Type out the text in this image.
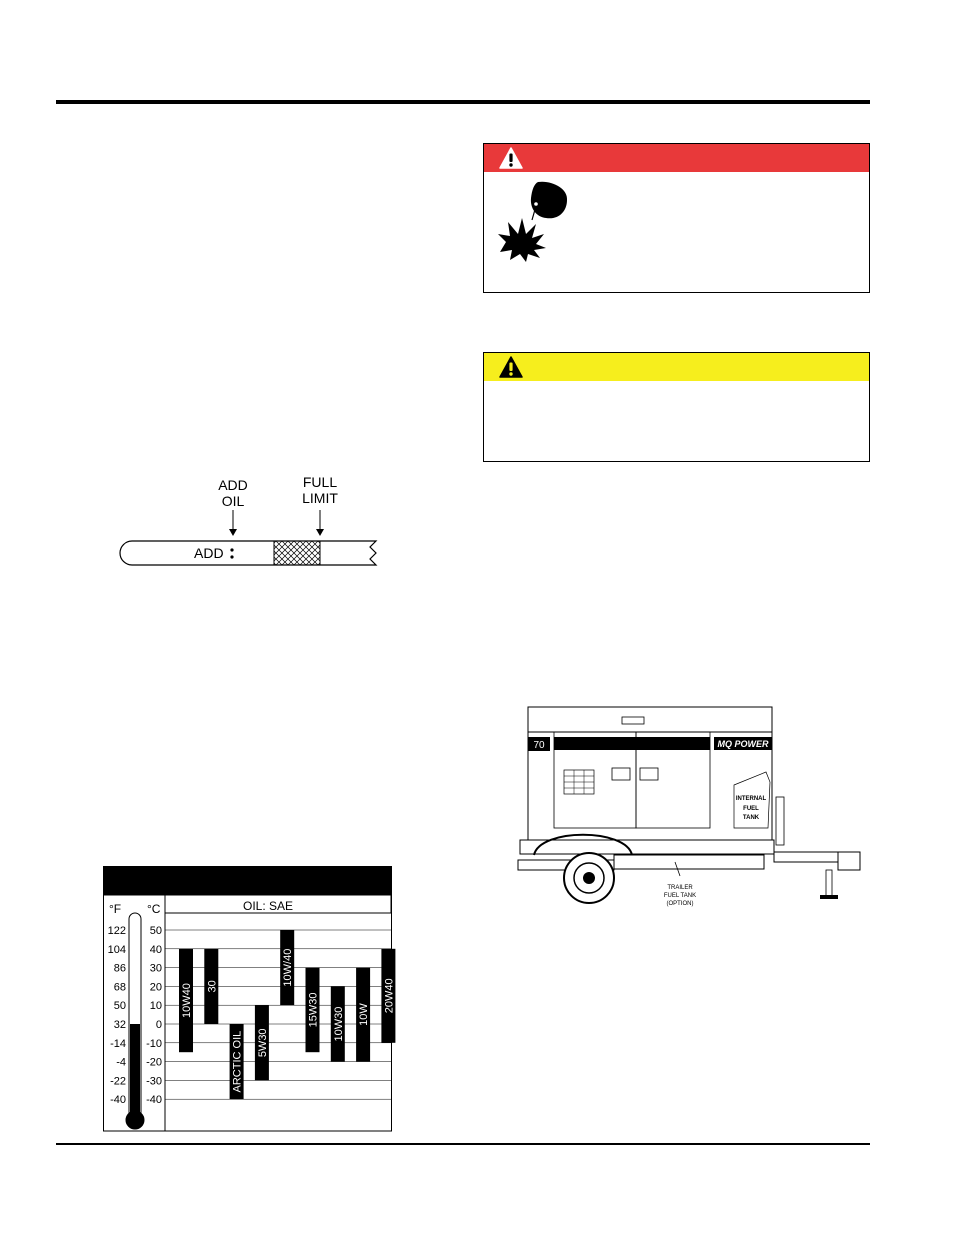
ADD
OIL
FULL
LIMIT
ADD
OIL: SAE
°F °C
122
104
86
68
50
32
-14
-4
-22
-40
50
40
30
20
10
0
-10
-20
-30
-40
10W40 30
ARCTIC OIL 5W30
10W/40
15W30 10W30 10W
20W40
70	MQ POWER
INTERNAL
FUEL
TANK
TRAILER
FUEL TANK
(OPTION)
